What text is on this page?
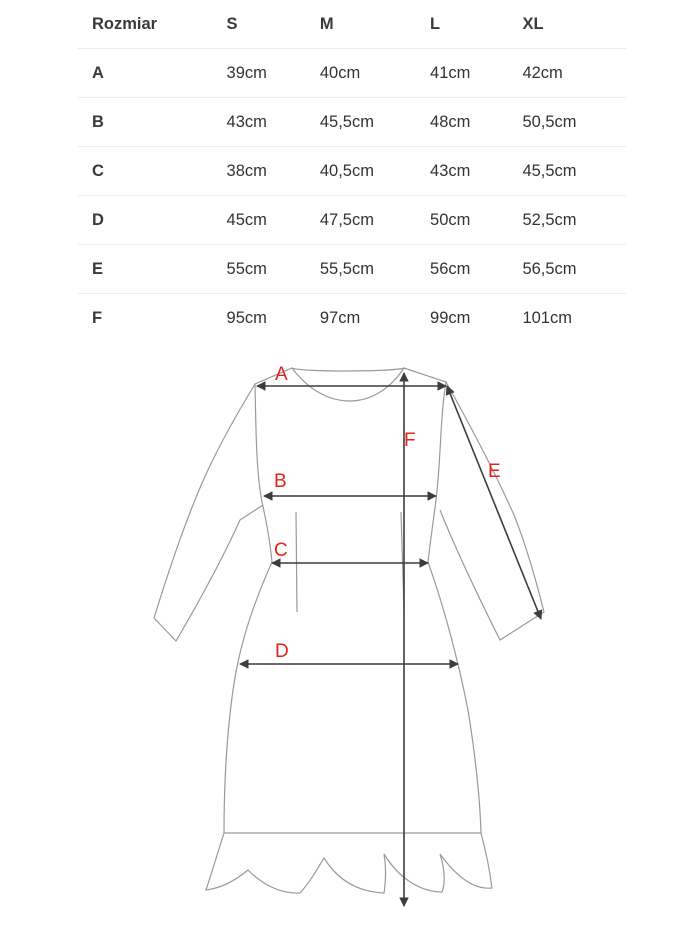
Rozmiar	S	M	L	XL
A	39cm	40cm	41cm	42cm
B	43cm	45,5cm	48cm	50,5cm
C	38cm	40,5cm	43cm	45,5cm
D	45cm	47,5cm	50cm	52,5cm
E	55cm	55,5cm	56cm	56,5cm
F	95cm	97cm	99cm	101cm
A
B
C
D
E
F
